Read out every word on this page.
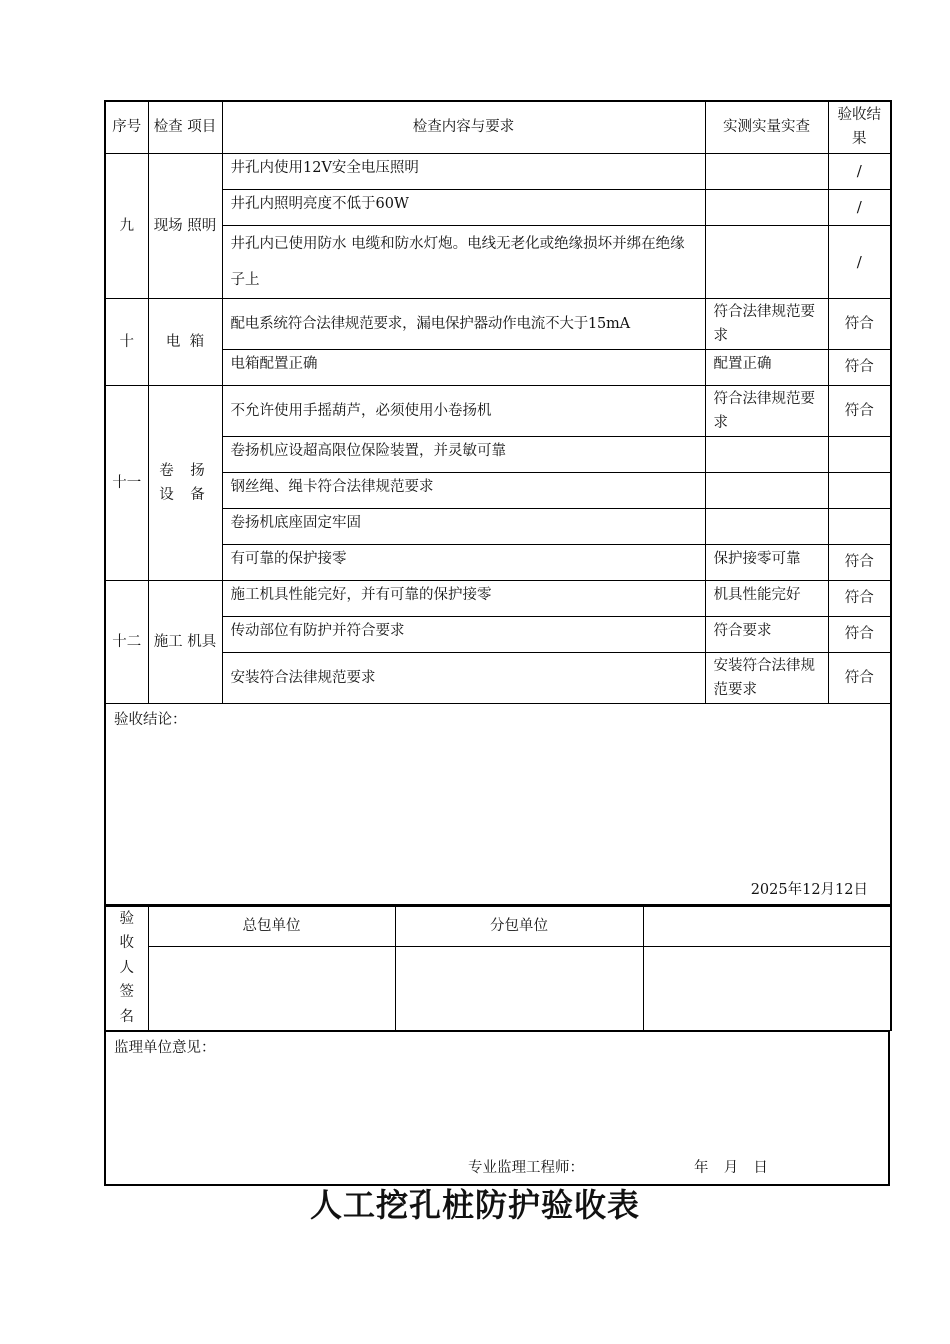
序号	检查 项目	检查内容与要求	实测实量实查	验收结果
九	现场 照明	井孔内使用12V安全电压照明		/
		井孔内照明亮度不低于60W		/
		井孔内已使用防水 电缆和防水灯炮。电线无老化或绝缘损坏并绑在绝缘子上		/
十	电  箱	配电系统符合法律规范要求，漏电保护器动作电流不大于15mA	符合法律规范要求	符合
		电箱配置正确	配置正确	符合
十一	卷 扬 设 备	不允许使用手摇葫芦，必须使用小卷扬机	符合法律规范要求	符合
		卷扬机应设超高限位保险装置，并灵敏可靠		
		钢丝绳、绳卡符合法律规范要求		
		卷扬机底座固定牢固		
		有可靠的保护接零	保护接零可靠	符合
十二	施工 机具	施工机具性能完好，并有可靠的保护接零	机具性能完好	符合
		传动部位有防护并符合要求	符合要求	符合
		安装符合法律规范要求	安装符合法律规范要求	符合

验收结论：
2025年12月12日				
验收人签名	总包单位	分包单位	

监理单位意见：
专业监理工程师：	年  月  日
人工挖孔桩防护验收表
